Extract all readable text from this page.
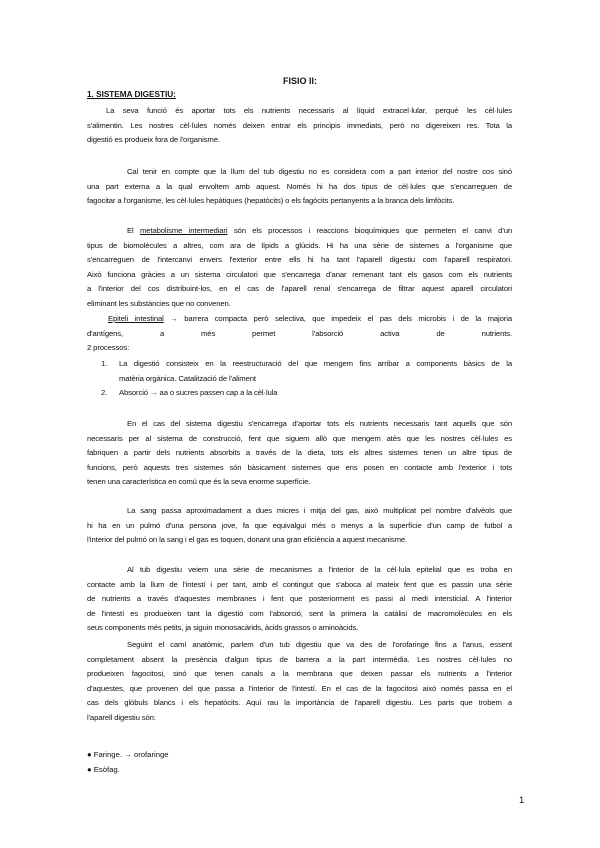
FISIO II:
1. SISTEMA DIGESTIU:
La seva funció és aportar tots els nutrients necessaris al líquid extracel·lular, perquè les cèl·lules
s'alimentin. Les nostres cèl·lules només deixen entrar els principis immediats, però no digereixen res. Tota la
digestió es produeix fora de l'organisme.
Cal tenir en compte que la llum del tub digestiu no es considera com a part interior del nostre cos sinó
una part externa a la qual envoltem amb aquest. Només hi ha dos tipus de cèl·lules que s'encarreguen de
fagocitar a l'organisme, les cèl·lules hepàtiques (hepatòcits) o els fagòcits pertanyents a la branca dels limfòcits.
El metabolisme intermediari són els processos i reaccions bioquímiques que permeten el canvi d'un
tipus de biomolècules a altres, com ara de lípids a glúcids. Hi ha una sèrie de sistemes a l'organisme que
s'encarreguen de l'intercanvi envers l'exterior entre ells hi ha tant l'aparell digestiu com l'aparell respiratori.
Això funciona gràcies a un sistema circulatori que s'encarrega d'anar remenant tant els gasos com els nutrients
a l'interior del cos distribuint-los, en el cas de l'aparell renal s'encarrega de filtrar aquest aparell circulatori
eliminant les substàncies que no convenen.
Epiteli intestinal → barrera compacta però selectiva, que impedeix el pas dels microbis i de la majoria
d'antígens, a més permet l'absorció activa de nutrients.
2 processos:
En el cas del sistema digestiu s'encarrega d'aportar tots els nutrients necessaris tant aquells que són
necessaris per al sistema de construcció, fent que siguem allò que mengem atès que les nostres cèl·lules es
fabriquen a partir dels nutrients absorbits a través de la dieta, tots els altres sistemes tenen un altre tipus de
funcions, però aquests tres sistemes són bàsicament sistemes que ens posen en contacte amb l'exterior i tots
tenen una característica en comú que és la seva enorme superfície.
La sang passa aproximadament a dues micres i mitja del gas, això multiplicat pel nombre d'alvèols que
hi ha en un pulmó d'una persona jove, fa que equivalgui més o menys a la superfície d'un camp de futbol a
l'interior del pulmó on la sang i el gas es toquen, donant una gran eficiència a aquest mecanisme.
Al tub digestiu veiem una sèrie de mecanismes a l'interior de la cèl·lula epitelial que es troba en
contacte amb la llum de l'intestí i per tant, amb el contingut que s'aboca al mateix fent que es passin una sèrie
de nutrients a través d'aquestes membranes i fent que posteriorment es passi al medi intersticial. A l'interior
de l'intestí es produeixen tant la digestió com l'absorció, sent la primera la catàlisi de macromolècules en els
seus components més petits, ja siguin monosacàrids, àcids grassos o aminoàcids.
Seguint el camí anatòmic, parlem d'un tub digestiu que va des de l'orofaringe fins a l'anus, essent
completament absent la presència d'algun tipus de barrera a la part intermèdia. Les nostres cèl·lules no
produeixen fagocitosi, sinó que tenen canals a la membrana que deixen passar els nutrients a l'interior
d'aquestes, que provenen del que passa a l'interior de l'intestí. En el cas de la fagocitosi això només passa en el
cas dels glòbuls blancs i els hepatòcits. Aquí rau la importància de l'aparell digestiu. Les parts que trobem a
l'aparell digestiu són:
1. La digestió consisteix en la reestructuració del que mengem fins arribar a components bàsics de la
matèria orgànica. Catalització de l'aliment
2. Absorció → aa o sucres passen cap a la cèl·lula
● Faringe. → orofaringe
● Esòfag.
1
